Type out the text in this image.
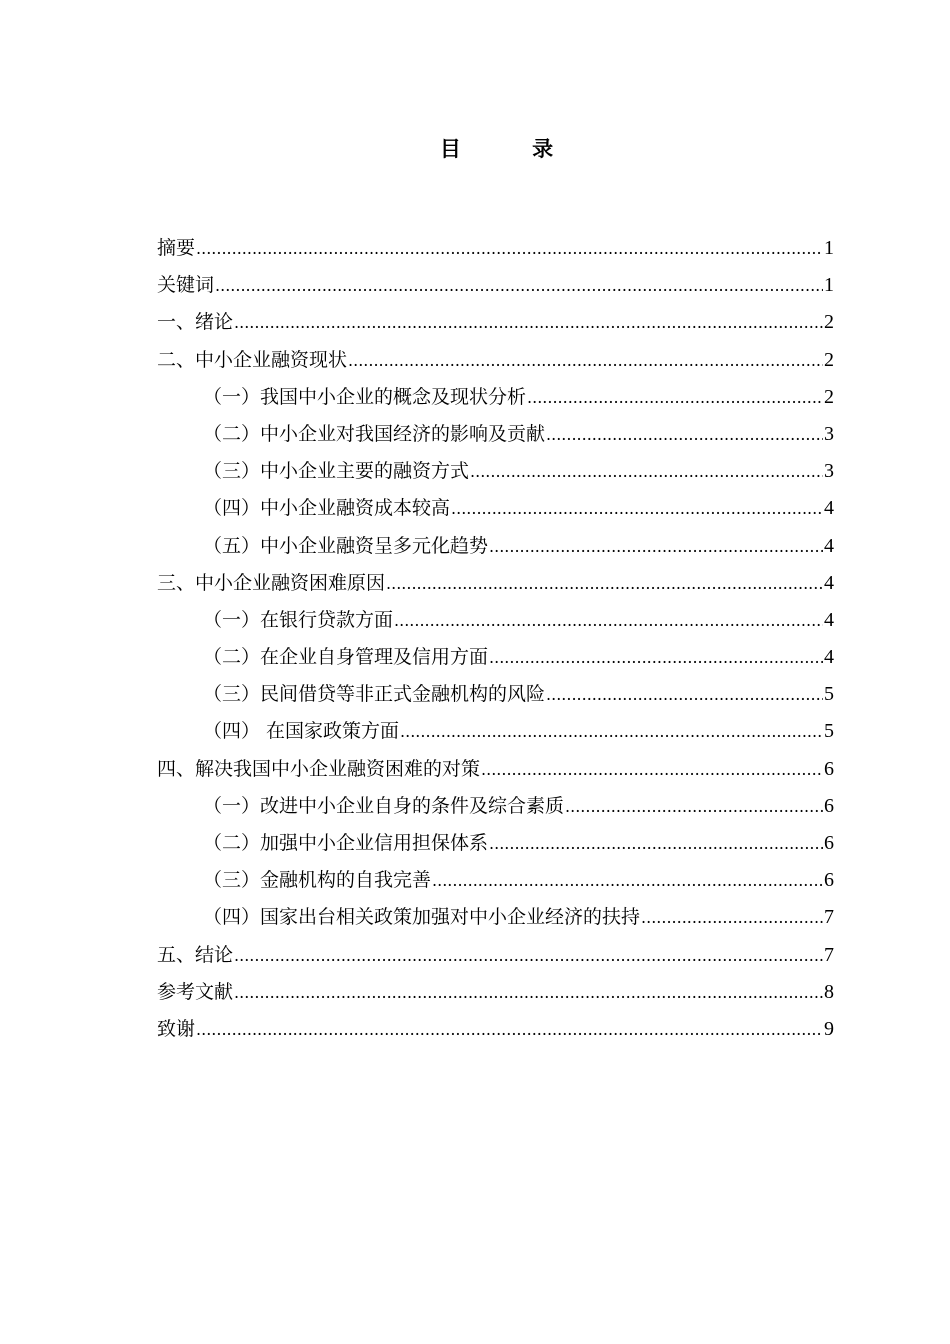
目 录
摘要 .....	1
关键词 .....	1
一、绪论 .....	2
二、中小企业融资现状 .....	2
（一）我国中小企业的概念及现状分析 .....	2
（二）中小企业对我国经济的影响及贡献 .....	3
（三）中小企业主要的融资方式 .....	3
（四）中小企业融资成本较高 .....	4
（五）中小企业融资呈多元化趋势 .....	4
三、中小企业融资困难原因 .....	4
（一）在银行贷款方面 .....	4
（二）在企业自身管理及信用方面 .....	4
（三）民间借贷等非正式金融机构的风险 .....	5
（四） 在国家政策方面 .....	5
四、解决我国中小企业融资困难的对策 .....	6
（一）改进中小企业自身的条件及综合素质 .....	6
（二）加强中小企业信用担保体系 .....	6
（三）金融机构的自我完善 .....	6
（四）国家出台相关政策加强对中小企业经济的扶持 .....	7
五、结论 .....	7
参考文献 .....	8
致谢 .....	9
